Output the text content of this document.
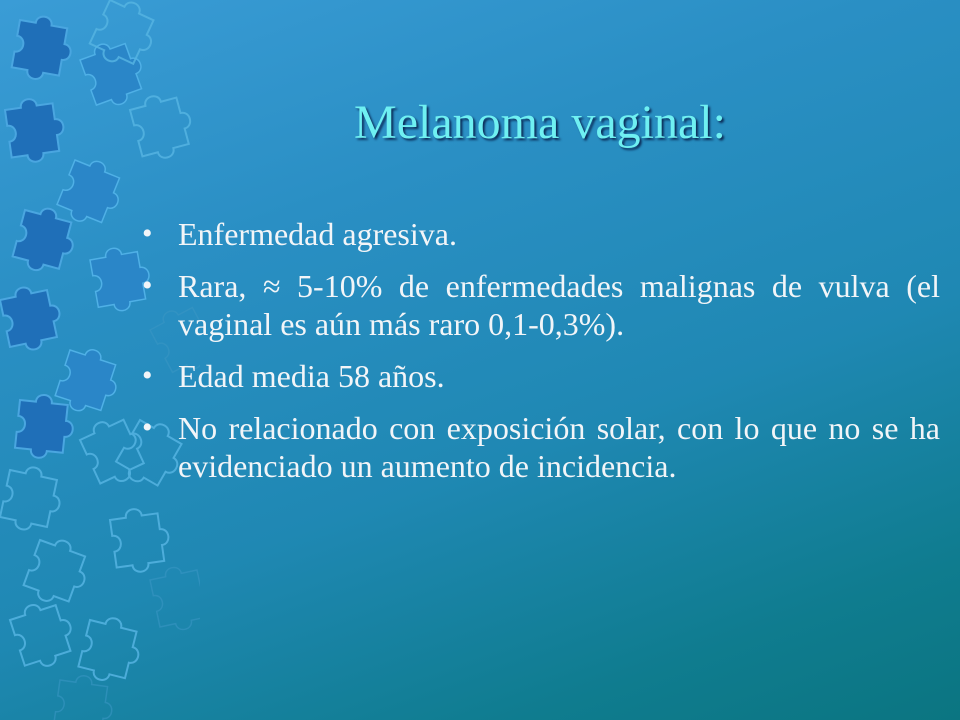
Melanoma vaginal:
• Enfermedad agresiva.
• Rara, ≈ 5-10% de enfermedades malignas de vulva (el vaginal es aún más raro 0,1-0,3%).
• Edad media 58 años.
• No relacionado con exposición solar, con lo que no se ha evidenciado un aumento de incidencia.
